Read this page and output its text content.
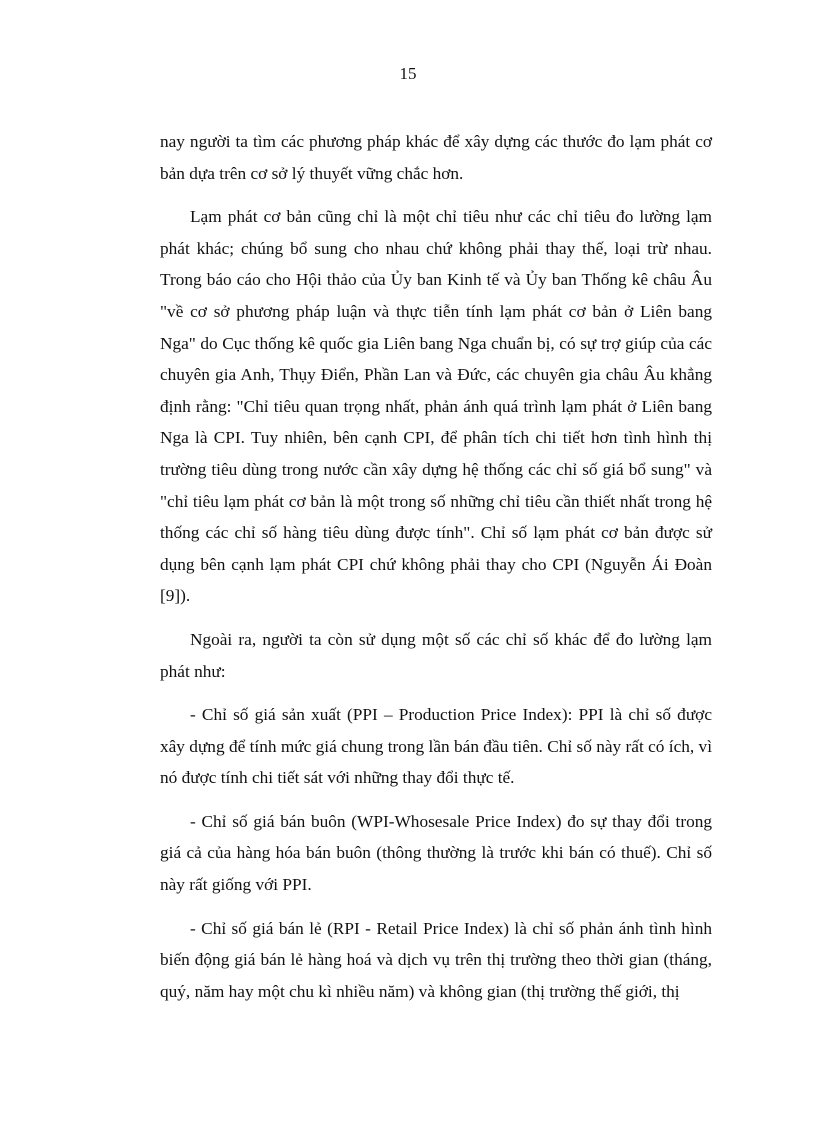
15

nay người ta tìm các phương pháp khác để xây dựng các thước đo lạm phát cơ bản dựa trên cơ sở lý thuyết vững chắc hơn.

Lạm phát cơ bản cũng chỉ là một chỉ tiêu như các chỉ tiêu đo lường lạm phát khác; chúng bổ sung cho nhau chứ không phải thay thế, loại trừ nhau. Trong báo cáo cho Hội thảo của Ủy ban Kinh tế và Ủy ban Thống kê châu Âu "về cơ sở phương pháp luận và thực tiễn tính lạm phát cơ bản ở Liên bang Nga" do Cục thống kê quốc gia Liên bang Nga chuẩn bị, có sự trợ giúp của các chuyên gia Anh, Thụy Điển, Phần Lan và Đức, các chuyên gia châu Âu khẳng định rằng: "Chỉ tiêu quan trọng nhất, phản ánh quá trình lạm phát ở Liên bang Nga là CPI. Tuy nhiên, bên cạnh CPI, để phân tích chi tiết hơn tình hình thị trường tiêu dùng trong nước cần xây dựng hệ thống các chỉ số giá bổ sung" và "chỉ tiêu lạm phát cơ bản là một trong số những chỉ tiêu cần thiết nhất trong hệ thống các chỉ số hàng tiêu dùng được tính". Chỉ số lạm phát cơ bản được sử dụng bên cạnh lạm phát CPI chứ không phải thay cho CPI (Nguyễn Ái Đoàn [9]).

Ngoài ra, người ta còn sử dụng một số các chỉ số khác để đo lường lạm phát như:

- Chỉ số giá sản xuất (PPI – Production Price Index): PPI là chỉ số được xây dựng để tính mức giá chung trong lần bán đầu tiên. Chỉ số này rất có ích, vì nó được tính chi tiết sát với những thay đổi thực tế.

- Chỉ số giá bán buôn (WPI-Whosesale Price Index) đo sự thay đổi trong giá cả của hàng hóa bán buôn (thông thường là trước khi bán có thuế). Chỉ số này rất giống với PPI.

- Chỉ số giá bán lẻ (RPI - Retail Price Index) là chỉ số phản ánh tình hình biến động giá bán lẻ hàng hoá và dịch vụ trên thị trường theo thời gian (tháng, quý, năm hay một chu kì nhiều năm) và không gian (thị trường thế giới, thị
